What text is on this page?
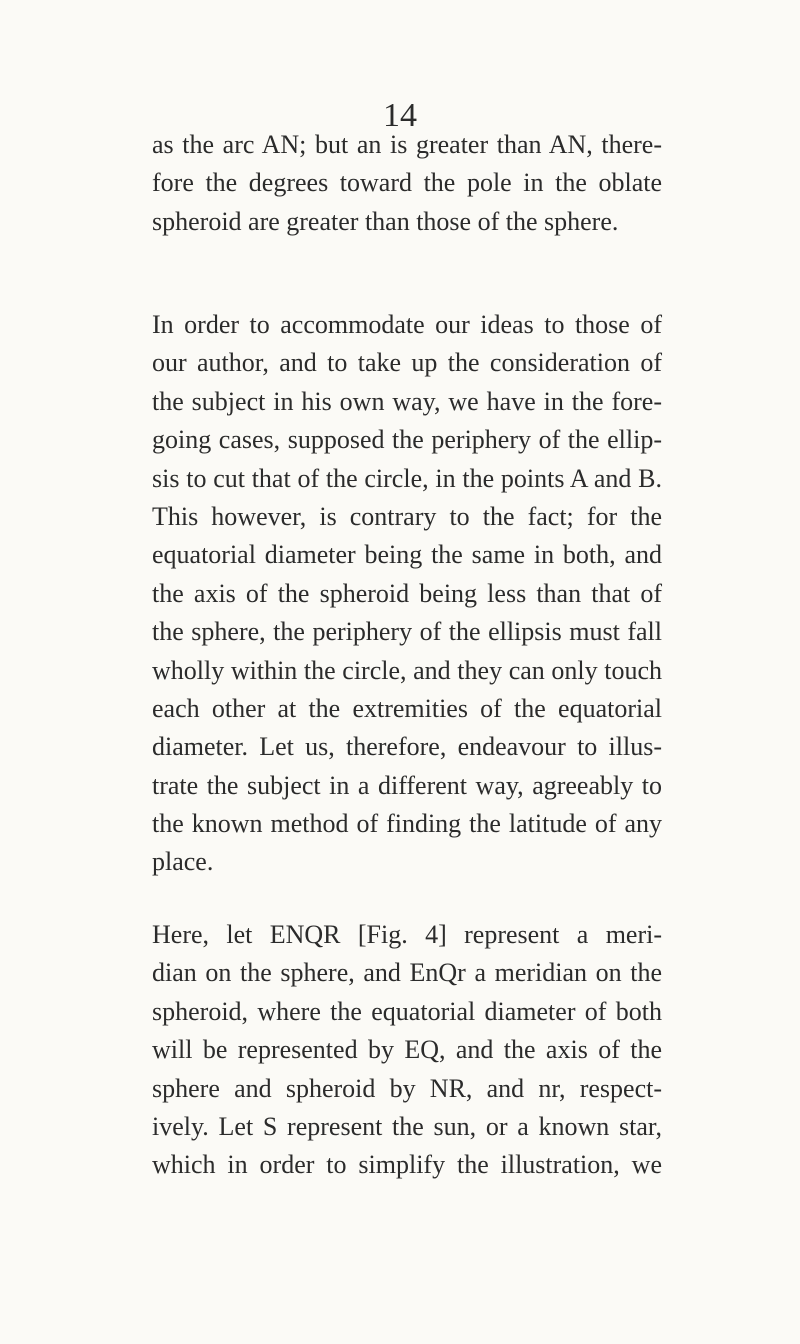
14
as the arc AN; but an is greater than AN, there-
fore the degrees toward the pole in the oblate
spheroid are greater than those of the sphere.
In order to accommodate our ideas to those of
our author, and to take up the consideration of
the subject in his own way, we have in the fore-
going cases, supposed the periphery of the ellip-
sis to cut that of the circle, in the points A and B.
This however, is contrary to the fact; for the
equatorial diameter being the same in both, and
the axis of the spheroid being less than that of
the sphere, the periphery of the ellipsis must fall
wholly within the circle, and they can only touch
each other at the extremities of the equatorial
diameter. Let us, therefore, endeavour to illus-
trate the subject in a different way, agreeably to
the known method of finding the latitude of any
place.
Here, let ENQR [Fig. 4] represent a meri-
dian on the sphere, and EnQr a meridian on the
spheroid, where the equatorial diameter of both
will be represented by EQ, and the axis of the
sphere and spheroid by NR, and nr, respect-
ively. Let S represent the sun, or a known star,
which in order to simplify the illustration, we
